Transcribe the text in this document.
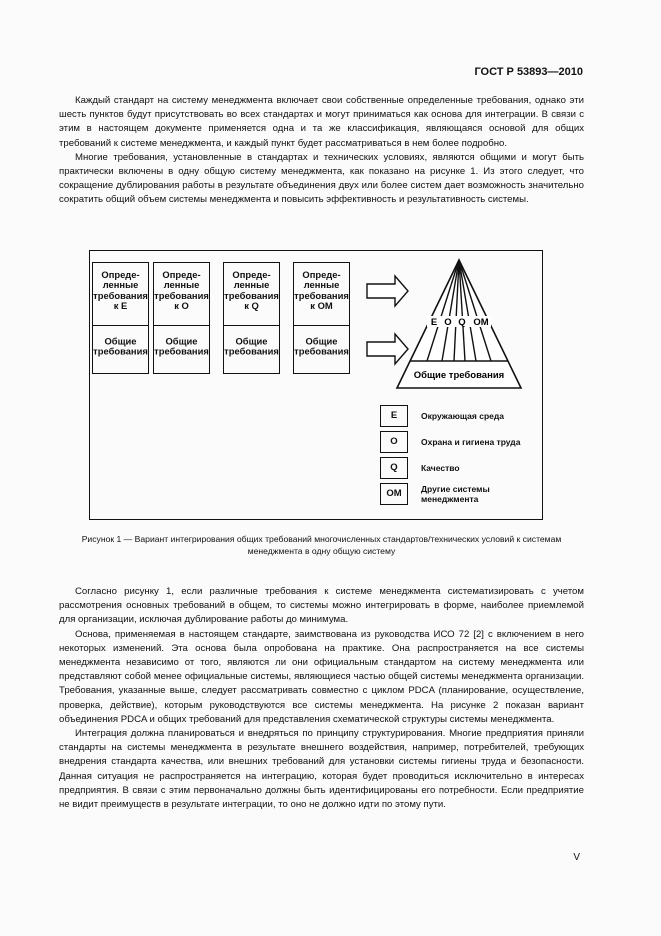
ГОСТ Р 53893—2010

Каждый стандарт на систему менеджмента включает свои собственные определенные требования, однако эти шесть пунктов будут присутствовать во всех стандартах и могут приниматься как основа для интеграции. В связи с этим в настоящем документе применяется одна и та же классификация, являющаяся основой для общих требований к системе менеджмента, и каждый пункт будет рассматриваться в нем более подробно.

Многие требования, установленные в стандартах и технических условиях, являются общими и могут быть практически включены в одну общую систему менеджмента, как показано на рисунке 1. Из этого следует, что сокращение дублирования работы в результате объединения двух или более систем дает возможность значительно сократить общий объем системы менеджмента и повысить эффективность и результативность системы.

Опреде-
ленные
требования
к E
Общие
требования
Опреде-
ленные
требования
к O
Общие
требования
Опреде-
ленные
требования
к Q
Общие
требования
Опреде-
ленные
требования
к OM
Общие
требования
E O Q OM
Общие требования
E	Окружающая среда
O	Охрана и гигиена труда
Q	Качество
OM	Другие системы менеджмента
Рисунок 1 — Вариант интегрирования общих требований многочисленных стандартов/технических условий к системам менеджмента в одну общую систему

Согласно рисунку 1, если различные требования к системе менеджмента систематизировать с учетом рассмотрения основных требований в общем, то системы можно интегрировать в форме, наиболее приемлемой для организации, исключая дублирование работы до минимума.

Основа, применяемая в настоящем стандарте, заимствована из руководства ИСО 72 [2] с включением в него некоторых изменений. Эта основа была опробована на практике. Она распространяется на все системы менеджмента независимо от того, являются ли они официальным стандартом на систему менеджмента или представляют собой менее официальные системы, являющиеся частью общей системы менеджмента организации. Требования, указанные выше, следует рассматривать совместно с циклом PDCA (планирование, осуществление, проверка, действие), которым руководствуются все системы менеджмента. На рисунке 2 показан вариант объединения PDCA и общих требований для представления схематической структуры системы менеджмента.

Интеграция должна планироваться и внедряться по принципу структурирования. Многие предприятия приняли стандарты на системы менеджмента в результате внешнего воздействия, например, потребителей, требующих внедрения стандарта качества, или внешних требований для установки системы гигиены труда и безопасности. Данная ситуация не распространяется на интеграцию, которая будет проводиться исключительно в интересах предприятия. В связи с этим первоначально должны быть идентифицированы его потребности. Если предприятие не видит преимуществ в результате интеграции, то оно не должно идти по этому пути.

V
